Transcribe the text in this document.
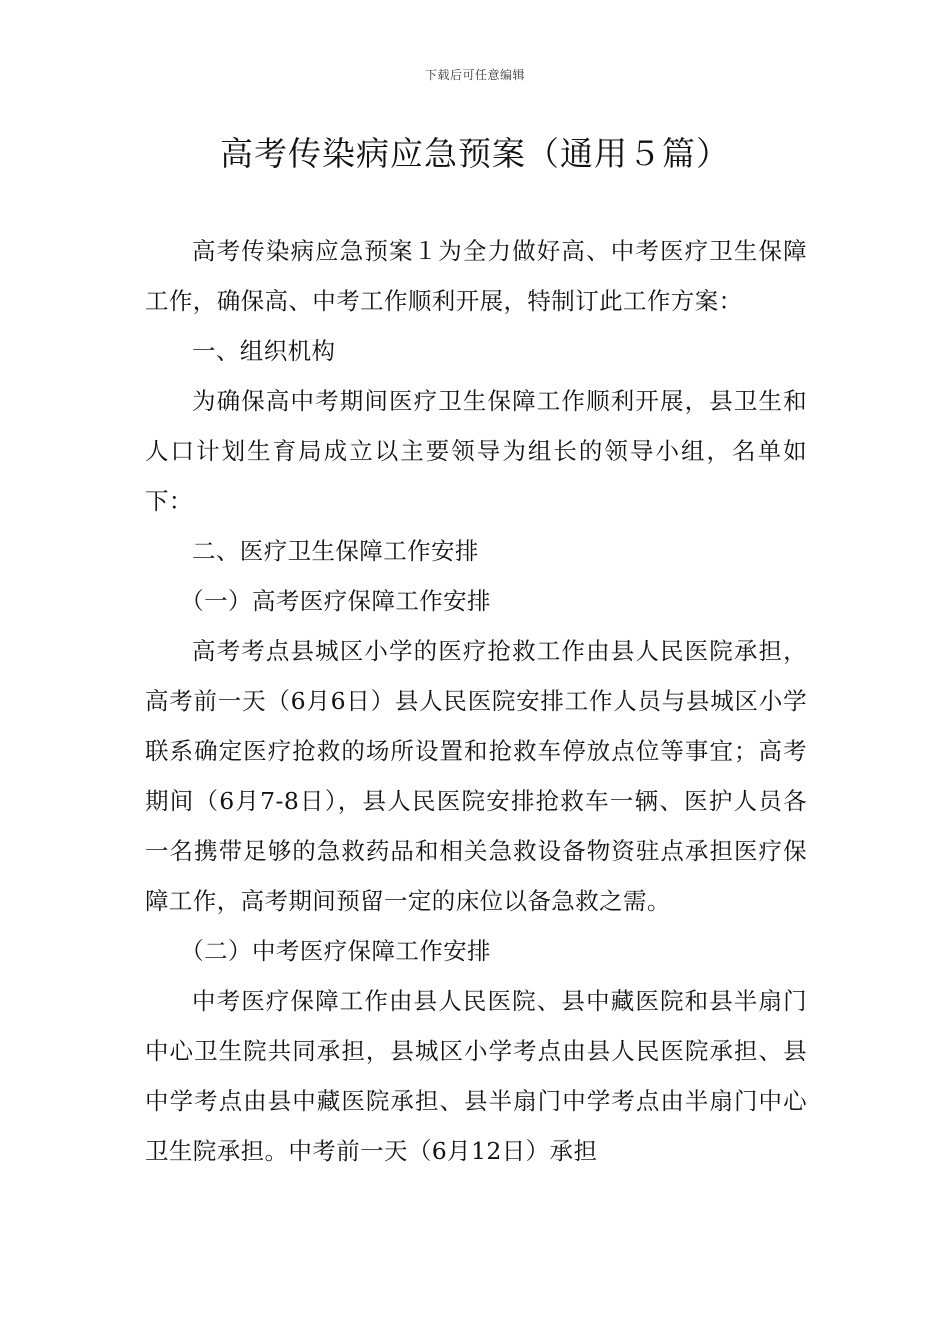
下载后可任意编辑
高考传染病应急预案（通用５篇）

高考传染病应急预案１为全力做好高、中考医疗卫生保障工作，确保高、中考工作顺利开展，特制订此工作方案：

一、组织机构

为确保高中考期间医疗卫生保障工作顺利开展，县卫生和人口计划生育局成立以主要领导为组长的领导小组，名单如下：

二、医疗卫生保障工作安排

（一）高考医疗保障工作安排

高考考点县城区小学的医疗抢救工作由县人民医院承担，高考前一天（6月6日）县人民医院安排工作人员与县城区小学联系确定医疗抢救的场所设置和抢救车停放点位等事宜；高考期间（6月7-8日），县人民医院安排抢救车一辆、医护人员各一名携带足够的急救药品和相关急救设备物资驻点承担医疗保障工作，高考期间预留一定的床位以备急救之需。

（二）中考医疗保障工作安排

中考医疗保障工作由县人民医院、县中藏医院和县半扇门中心卫生院共同承担，县城区小学考点由县人民医院承担、县中学考点由县中藏医院承担、县半扇门中学考点由半扇门中心卫生院承担。中考前一天（6月12日）承担
